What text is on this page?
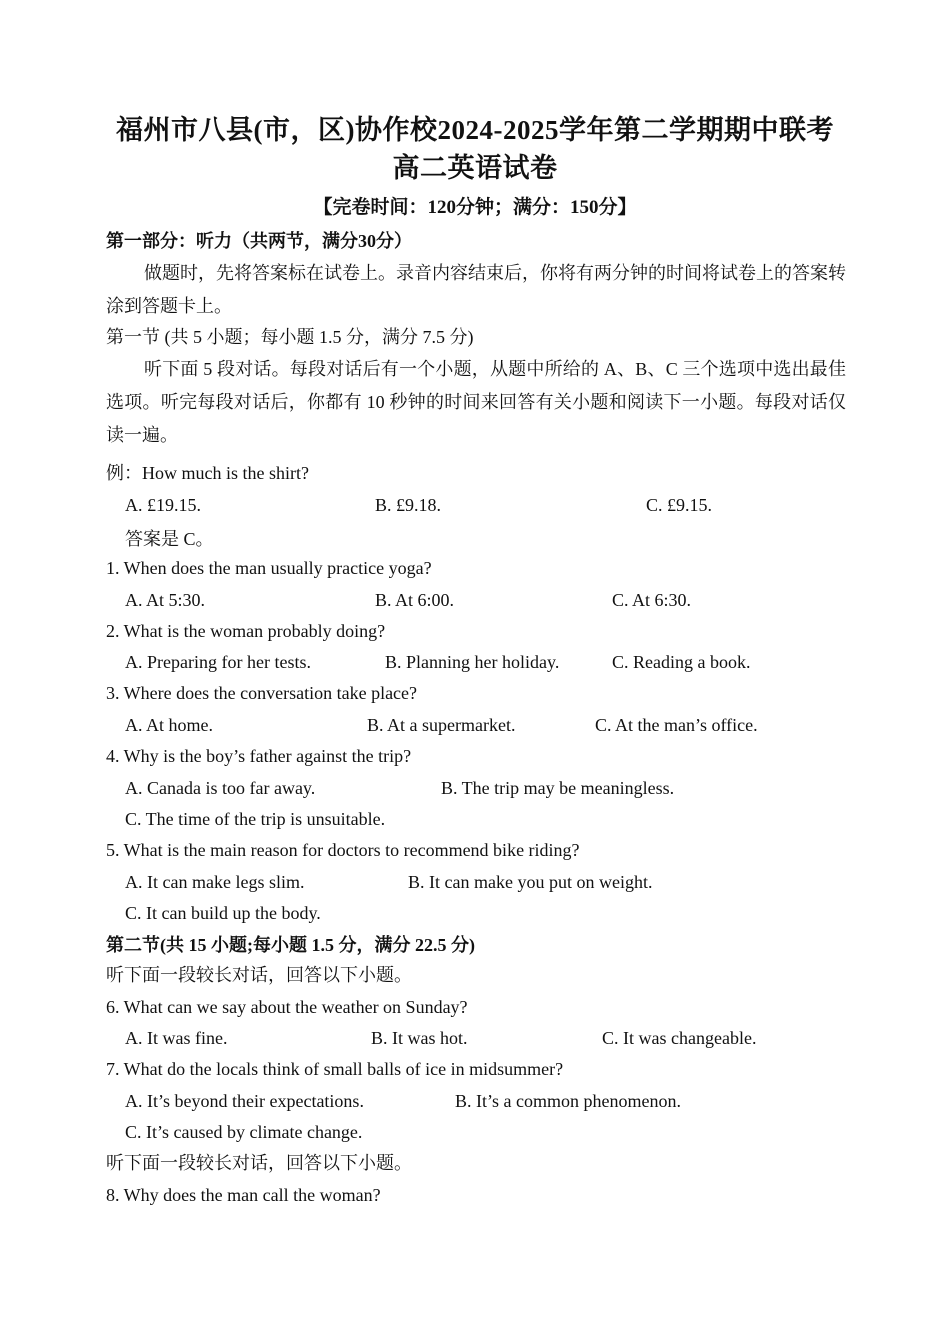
福州市八县(市，区)协作校2024-2025学年第二学期期中联考
高二英语试卷
【完卷时间：120分钟；满分：150分】
第一部分：听力（共两节，满分30分）
做题时，先将答案标在试卷上。录音内容结束后，你将有两分钟的时间将试卷上的答案转涂到答题卡上。
第一节 (共 5 小题；每小题 1.5 分，满分 7.5 分)
听下面 5 段对话。每段对话后有一个小题，从题中所给的 A、B、C 三个选项中选出最佳选项。听完每段对话后，你都有 10 秒钟的时间来回答有关小题和阅读下一小题。每段对话仅读一遍。
例：How much is the shirt?
A. £19.15.	B. £9.18.	C. £9.15.
答案是 C。
1. When does the man usually practice yoga?
A. At 5:30.	B. At 6:00.	C. At 6:30.
2. What is the woman probably doing?
A. Preparing for her tests.	B. Planning her holiday.	C. Reading a book.
3. Where does the conversation take place?
A. At home.	B. At a supermarket.	C. At the man’s office.
4. Why is the boy’s father against the trip?
A. Canada is too far away.	B. The trip may be meaningless.
C. The time of the trip is unsuitable.
5. What is the main reason for doctors to recommend bike riding?
A. It can make legs slim.	B. It can make you put on weight.
C. It can build up the body.
第二节(共 15 小题;每小题 1.5 分，满分 22.5 分)
听下面一段较长对话，回答以下小题。
6. What can we say about the weather on Sunday?
A. It was fine.	B. It was hot.	C. It was changeable.
7. What do the locals think of small balls of ice in midsummer?
A. It’s beyond their expectations.	B. It’s a common phenomenon.
C. It’s caused by climate change.
听下面一段较长对话，回答以下小题。
8. Why does the man call the woman?
